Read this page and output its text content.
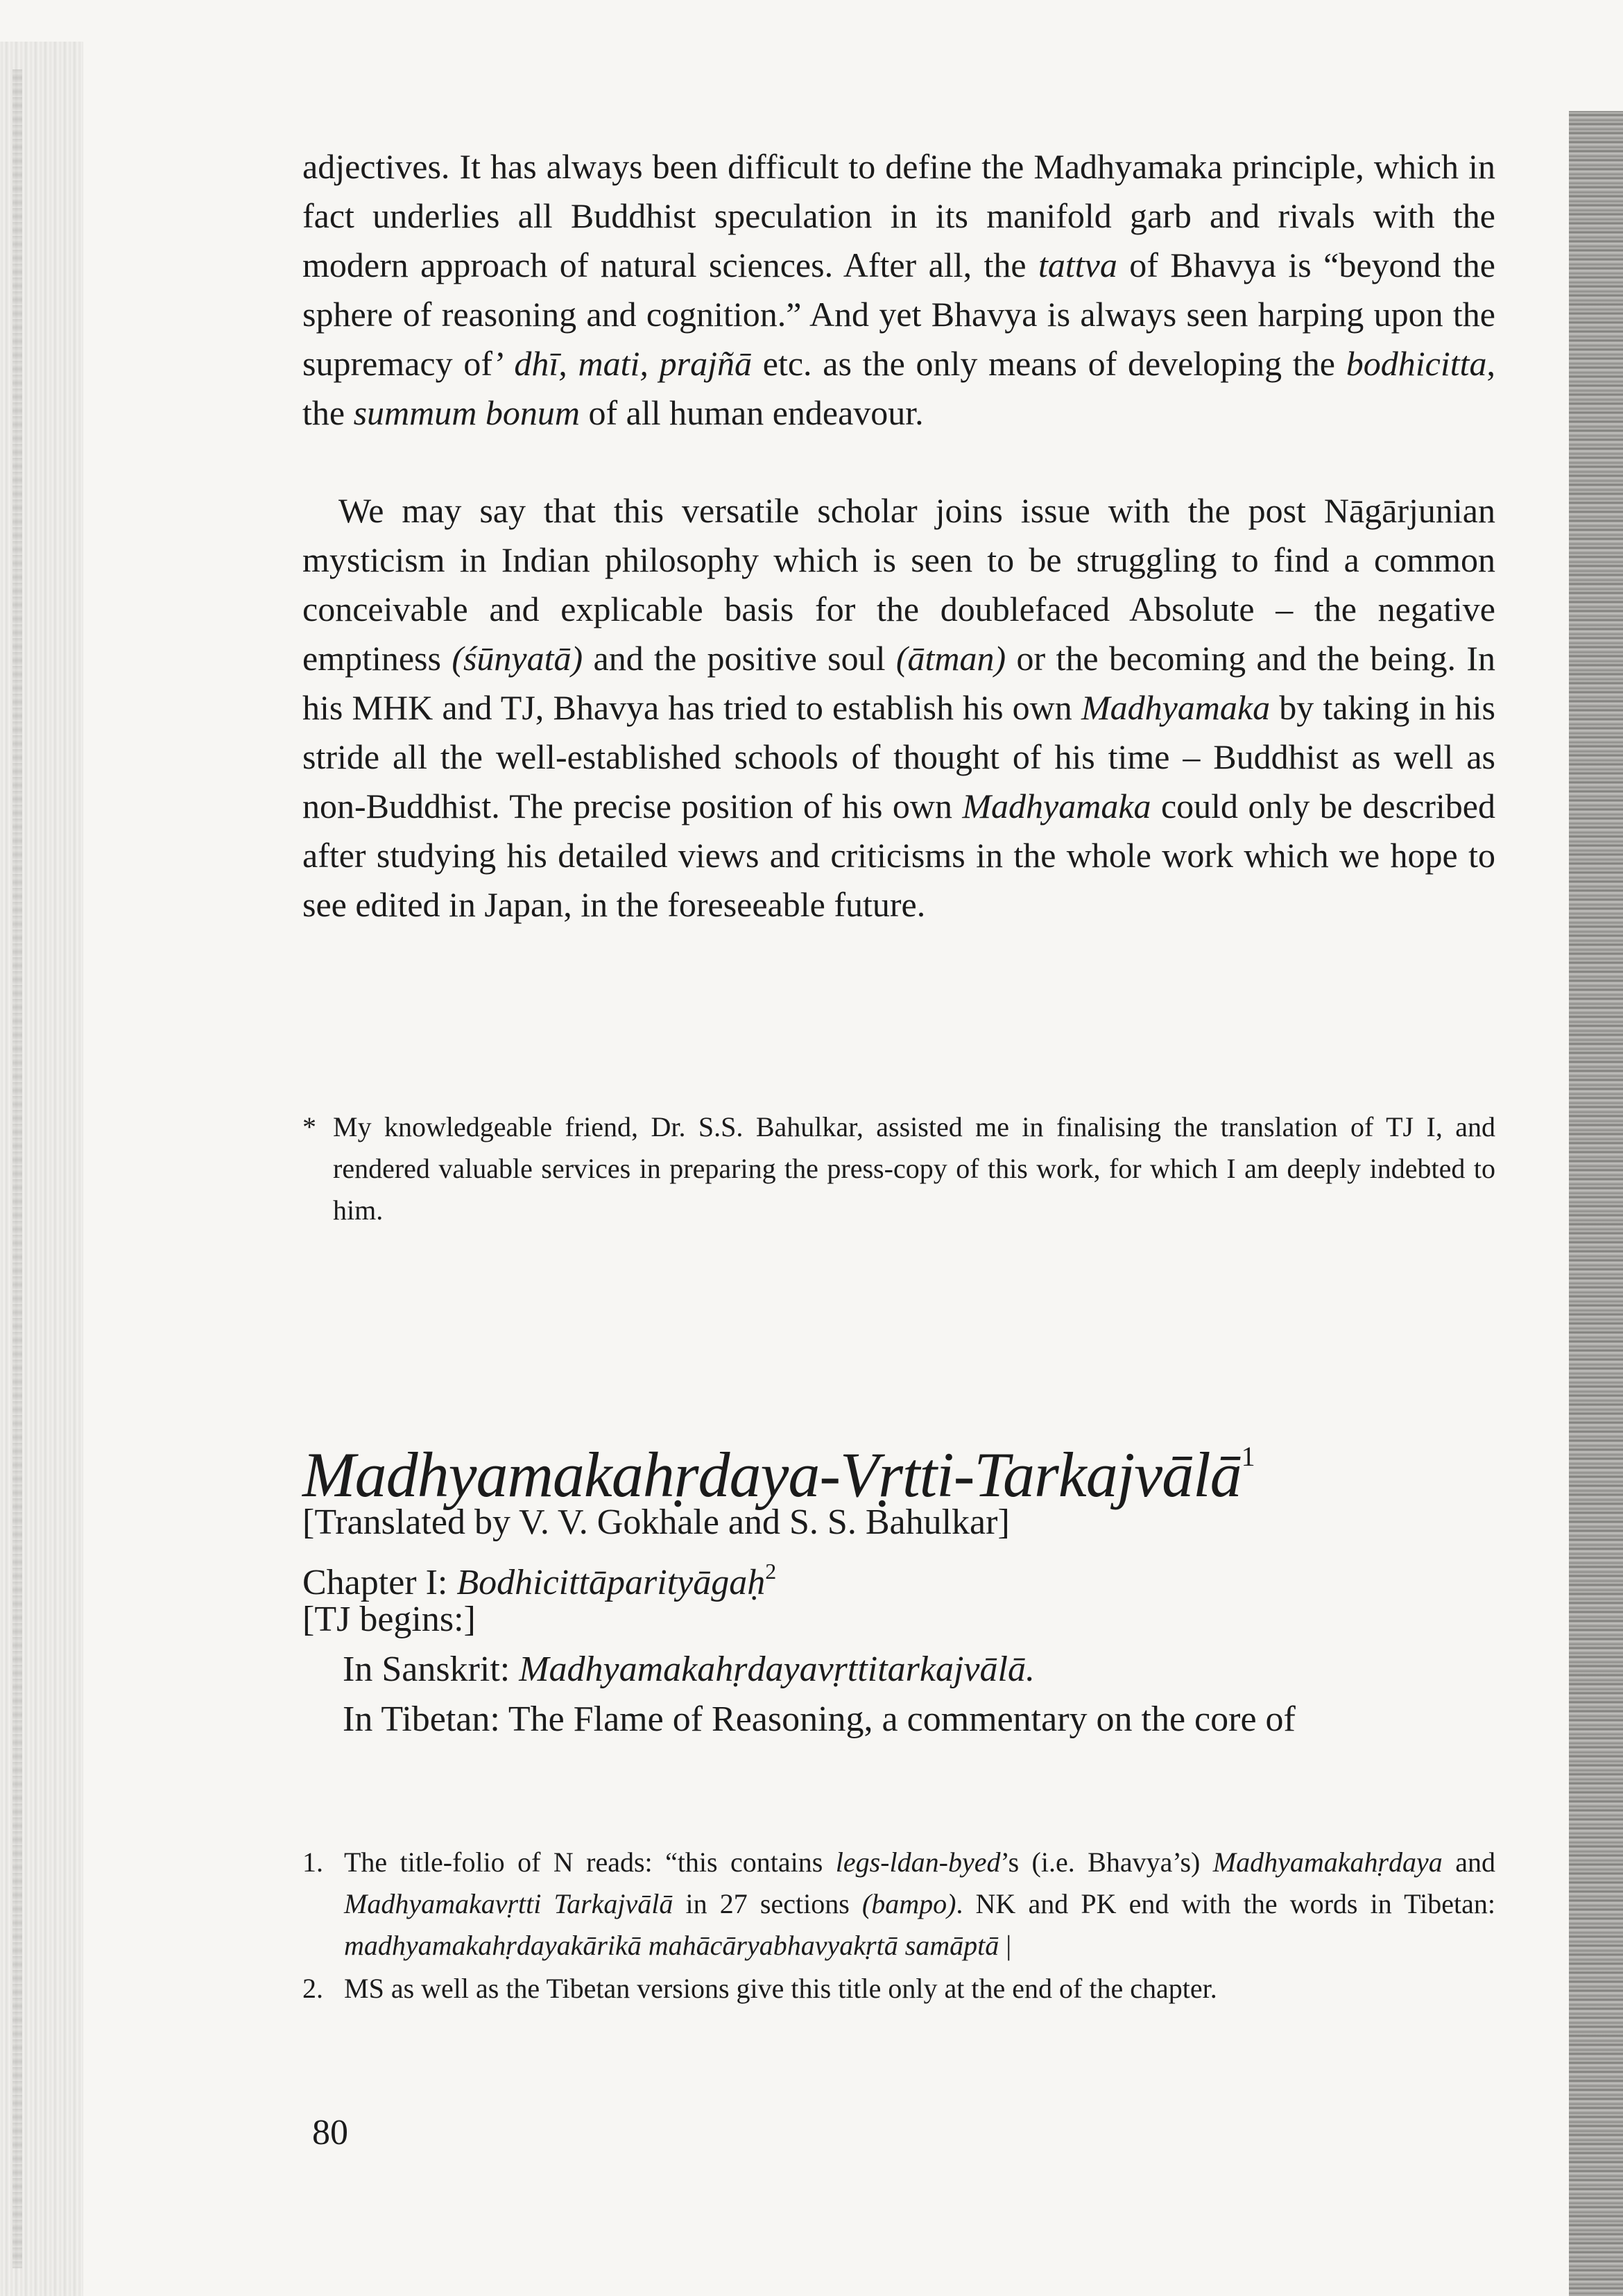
adjectives. It has always been difficult to define the Madhyamaka principle, which in fact underlies all Buddhist speculation in its manifold garb and rivals with the modern approach of natural sciences. After all, the tattva of Bhavya is “beyond the sphere of reasoning and cognition.” And yet Bhavya is always seen harping upon the supremacy of’ dhī, mati, prajñā etc. as the only means of developing the bodhicitta, the summum bonum of all human endeavour.

We may say that this versatile scholar joins issue with the post Nāgārjunian mysticism in Indian philosophy which is seen to be struggling to find a common conceivable and explicable basis for the doublefaced Absolute – the negative emptiness (śūnyatā) and the positive soul (ātman) or the becoming and the being. In his MHK and TJ, Bhavya has tried to establish his own Madhyamaka by taking in his stride all the well-established schools of thought of his time – Buddhist as well as non-Buddhist. The precise position of his own Madhyamaka could only be described after studying his detailed views and criticisms in the whole work which we hope to see edited in Japan, in the foreseeable future.

* My knowledgeable friend, Dr. S.S. Bahulkar, assisted me in finalising the translation of TJ I, and rendered valuable services in preparing the press-copy of this work, for which I am deeply indebted to him.
Madhyamakahṛdaya-Vṛtti-Tarkajvālā$^1$

[Translated by V. V. Gokhale and S. S. Bahulkar]

Chapter I: Bodhicittāparityāgaḥ$^2$

[TJ begins:]

In Sanskrit: Madhyamakahṛdayavṛttitarkajvālā.

In Tibetan: The Flame of Reasoning, a commentary on the core of

1. The title-folio of N reads: “this contains legs-ldan-byed’s (i.e. Bhavya’s) Madhyamakahṛdaya and Madhyamakavṛtti Tarkajvālā in 27 sections (bampo). NK and PK end with the words in Tibetan: madhyamakahṛdayakārikā mahācāryabhavyakṛtā samāptā |

2. MS as well as the Tibetan versions give this title only at the end of the chapter.

80
